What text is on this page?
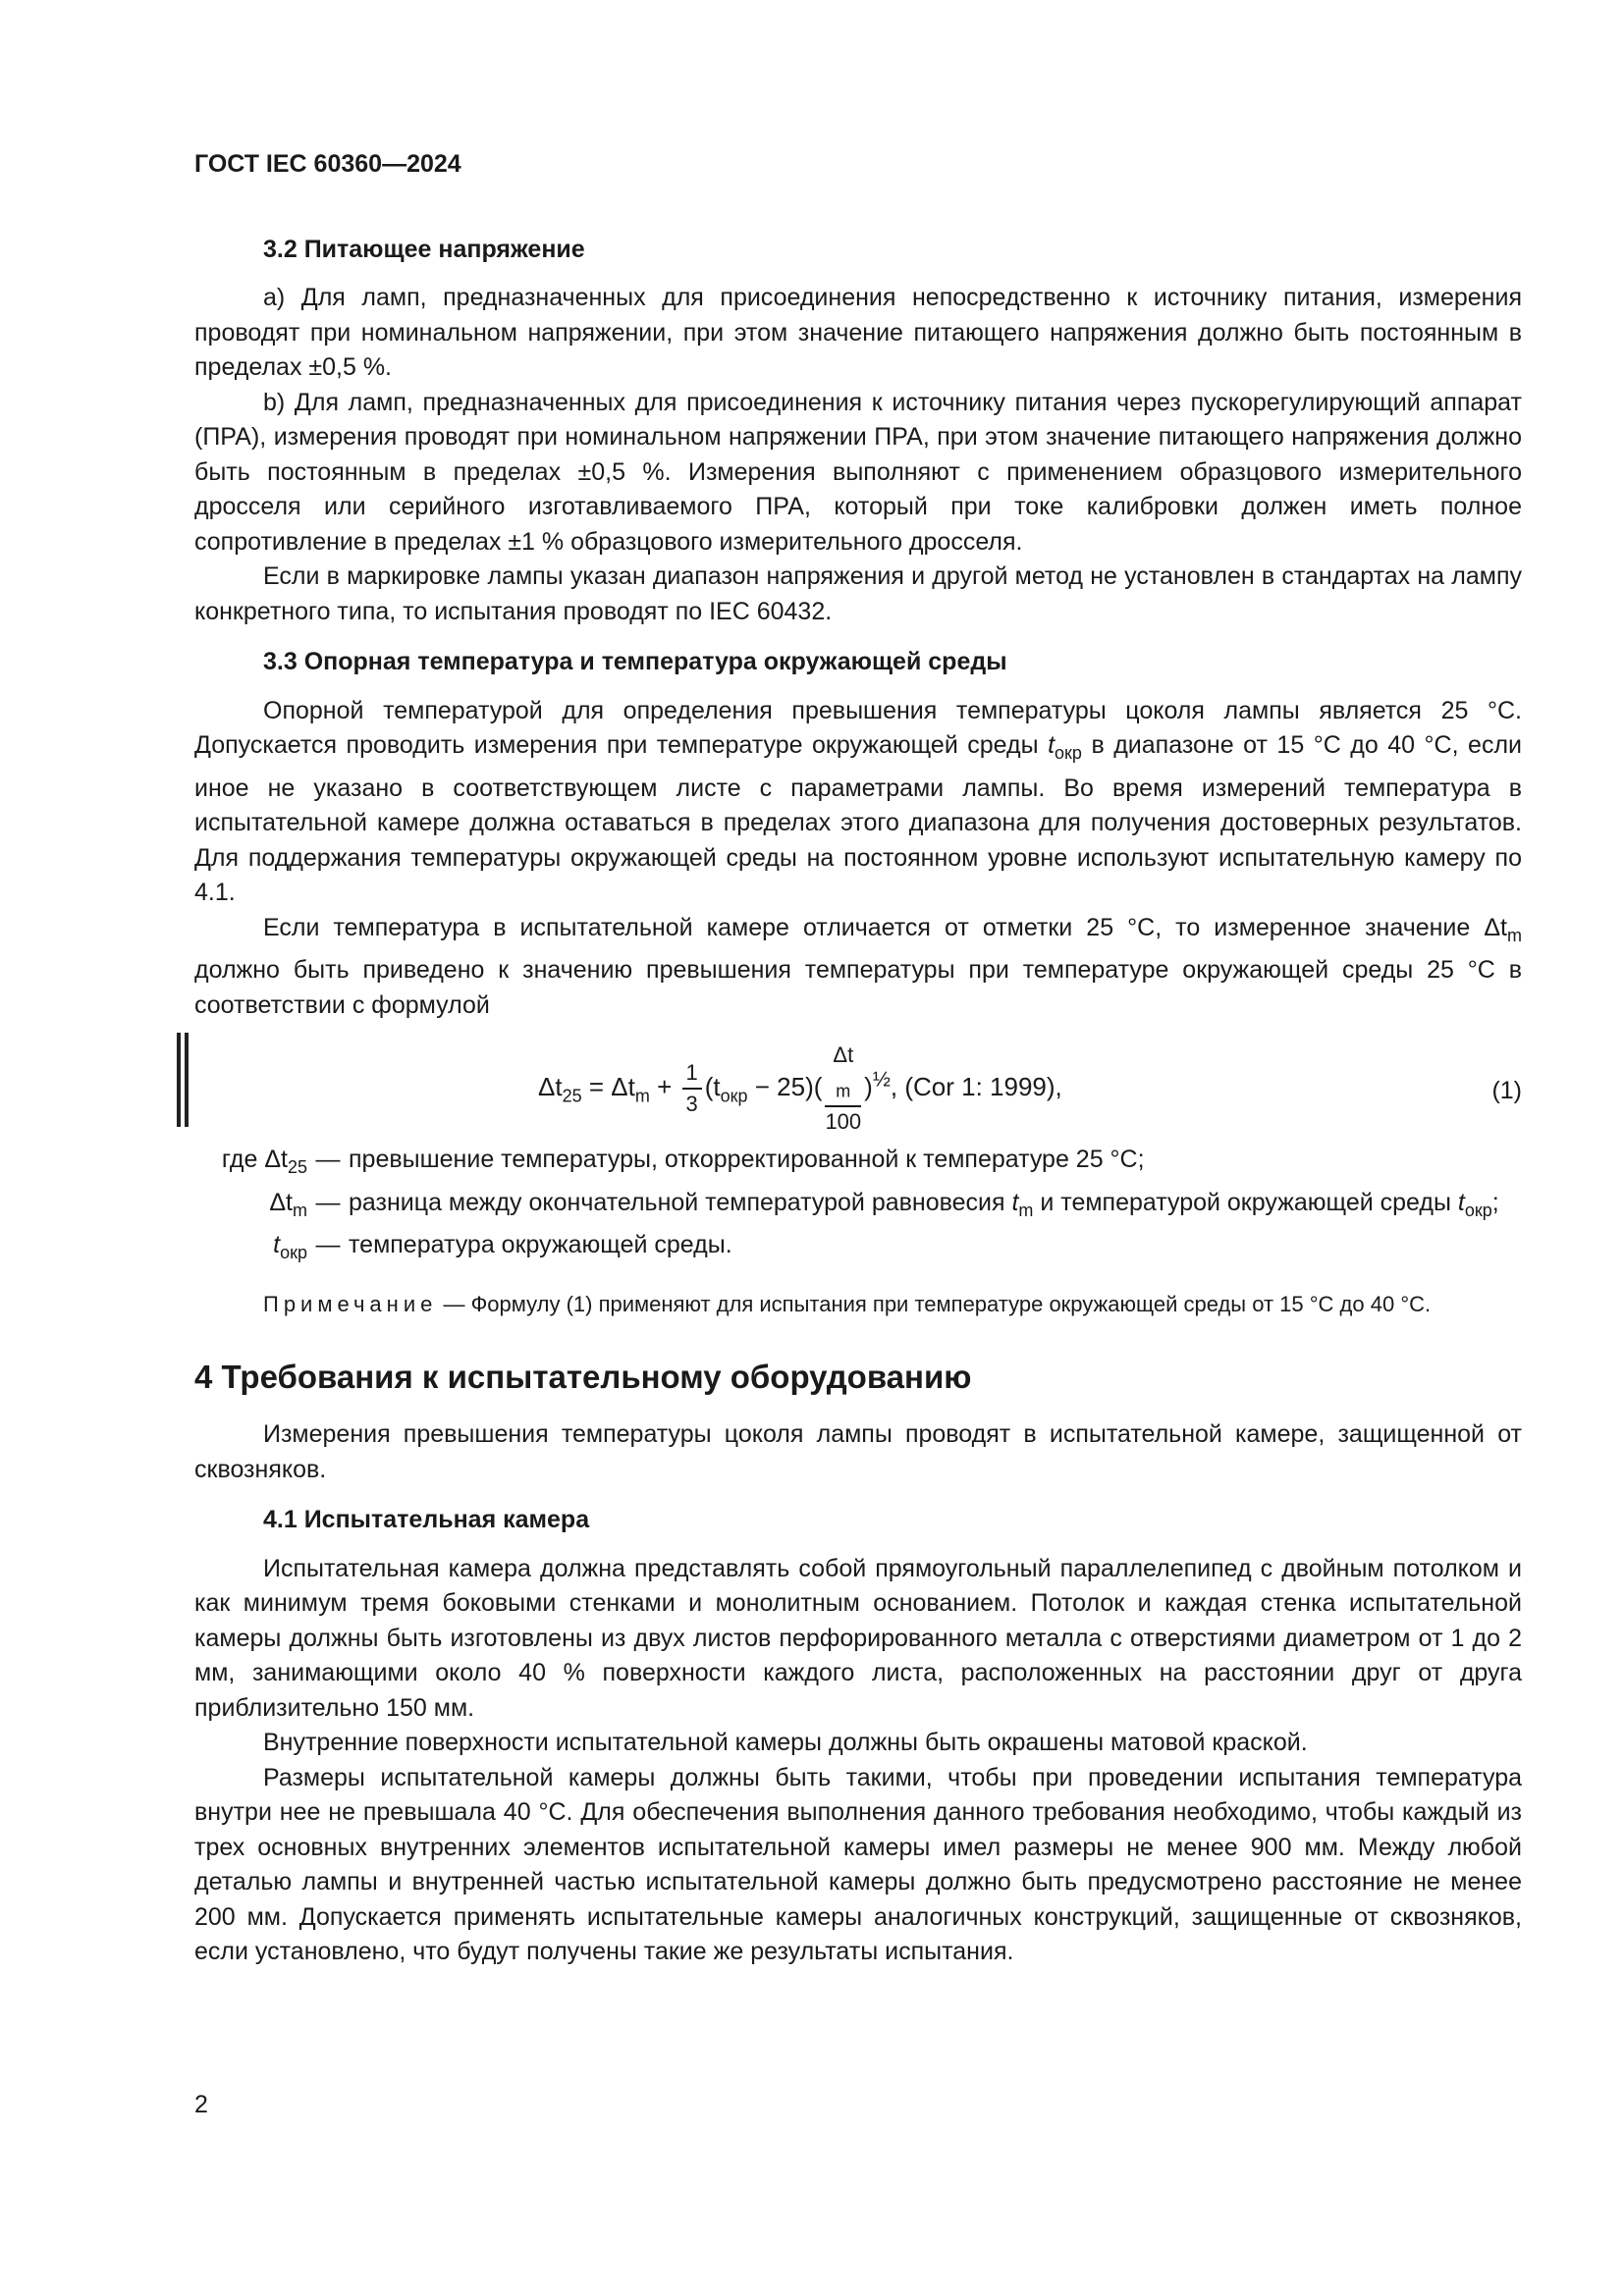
ГОСТ IEC 60360—2024
3.2 Питающее напряжение

a) Для ламп, предназначенных для присоединения непосредственно к источнику питания, измерения проводят при номинальном напряжении, при этом значение питающего напряжения должно быть постоянным в пределах ±0,5 %.

b) Для ламп, предназначенных для присоединения к источнику питания через пускорегулирующий аппарат (ПРА), измерения проводят при номинальном напряжении ПРА, при этом значение питающего напряжения должно быть постоянным в пределах ±0,5 %. Измерения выполняют с применением образцового измерительного дросселя или серийного изготавливаемого ПРА, который при токе калибровки должен иметь полное сопротивление в пределах ±1 % образцового измерительного дросселя.

Если в маркировке лампы указан диапазон напряжения и другой метод не установлен в стандартах на лампу конкретного типа, то испытания проводят по IEC 60432.

3.3 Опорная температура и температура окружающей среды

Опорной температурой для определения превышения температуры цоколя лампы является 25 °C. Допускается проводить измерения при температуре окружающей среды $t_{окр}$ в диапазоне от 15 °C до 40 °C, если иное не указано в соответствующем листе с параметрами лампы. Во время измерений температура в испытательной камере должна оставаться в пределах этого диапазона для получения достоверных результатов. Для поддержания температуры окружающей среды на постоянном уровне используют испытательную камеру по 4.1.

Если температура в испытательной камере отличается от отметки 25 °C, то измеренное значение $\Delta t_m$ должно быть приведено к значению превышения температуры при температуре окружающей среды 25 °C в соответствии с формулой

$\Delta t_{25} = \Delta t_m + \frac{1}{3} (t_{окр} - 25)$( Δt
$_m$
100 )$^{\frac{1}{2}}$, (Cor 1: 1999),	(1)
где $\Delta t_{25}$ — превышение температуры, откорректированной к температуре 25 °C;
$\Delta t_m$ — разница между окончательной температурой равновесия $t_m$ и температурой окружающей среды $t_{окр}$;
$t_{окр}$ — температура окружающей среды.
Примечание — Формулу (1) применяют для испытания при температуре окружающей среды от 15 °C до 40 °C.
4 Требования к испытательному оборудованию

Измерения превышения температуры цоколя лампы проводят в испытательной камере, защищенной от сквозняков.

4.1 Испытательная камера

Испытательная камера должна представлять собой прямоугольный параллелепипед с двойным потолком и как минимум тремя боковыми стенками и монолитным основанием. Потолок и каждая стенка испытательной камеры должны быть изготовлены из двух листов перфорированного металла с отверстиями диаметром от 1 до 2 мм, занимающими около 40 % поверхности каждого листа, расположенных на расстоянии друг от друга приблизительно 150 мм.

Внутренние поверхности испытательной камеры должны быть окрашены матовой краской.

Размеры испытательной камеры должны быть такими, чтобы при проведении испытания температура внутри нее не превышала 40 °C. Для обеспечения выполнения данного требования необходимо, чтобы каждый из трех основных внутренних элементов испытательной камеры имел размеры не менее 900 мм. Между любой деталью лампы и внутренней частью испытательной камеры должно быть предусмотрено расстояние не менее 200 мм. Допускается применять испытательные камеры аналогичных конструкций, защищенные от сквозняков, если установлено, что будут получены такие же результаты испытания.

2
